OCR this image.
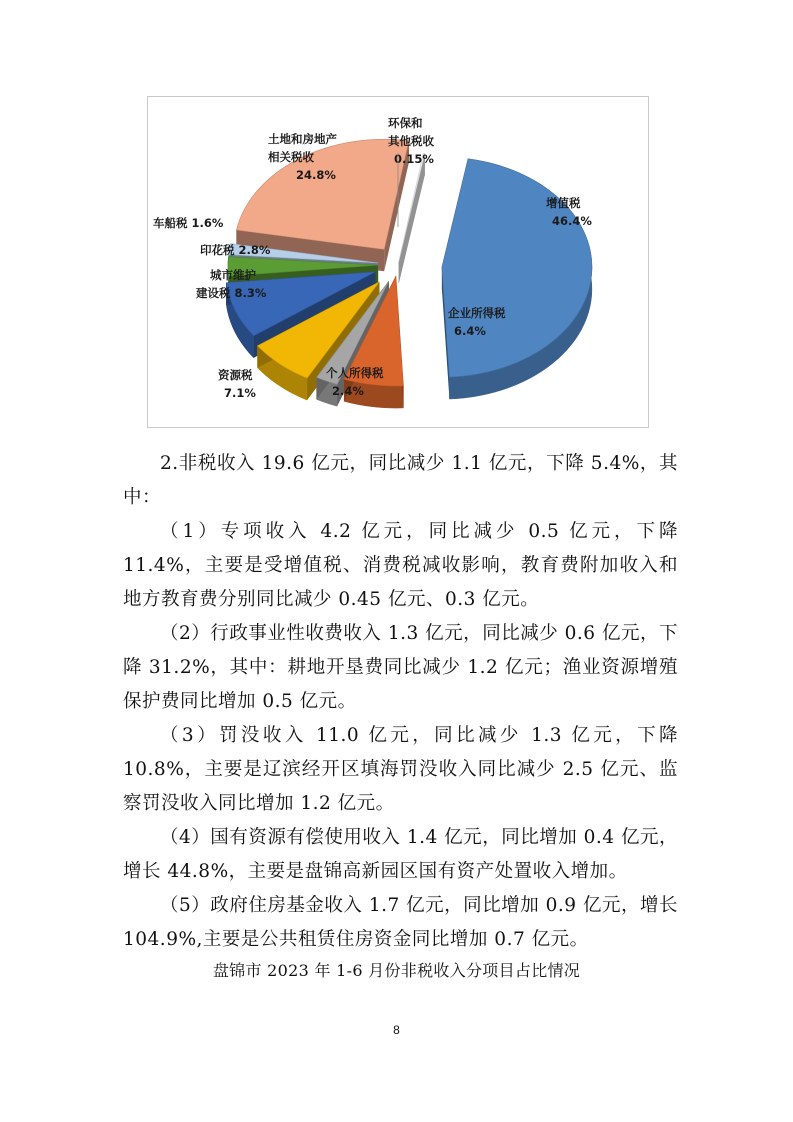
增值税
46.4%
企业所得税
6.4%
个人所得税
2.4%
资源税
7.1%
城市维护
建设税 8.3%
印花税 2.8%
车船税 1.6%
土地和房地产
相关税收
24.8%
环保和
其他税收
0.15%

2.非税收入 19.6 亿元，同比减少 1.1 亿元，下降 5.4%，其中：

（1）专项收入 4.2 亿元，同比减少 0.5 亿元，下降 11.4%，主要是受增值税、消费税减收影响，教育费附加收入和地方教育费分别同比减少 0.45 亿元、0.3 亿元。

（2）行政事业性收费收入 1.3 亿元，同比减少 0.6 亿元，下降 31.2%，其中：耕地开垦费同比减少 1.2 亿元；渔业资源增殖保护费同比增加 0.5 亿元。

（3）罚没收入 11.0 亿元，同比减少 1.3 亿元，下降 10.8%，主要是辽滨经开区填海罚没收入同比减少 2.5 亿元、监察罚没收入同比增加 1.2 亿元。

（4）国有资源有偿使用收入 1.4 亿元，同比增加 0.4 亿元，增长 44.8%，主要是盘锦高新园区国有资产处置收入增加。

（5）政府住房基金收入 1.7 亿元，同比增加 0.9 亿元，增长 104.9%,主要是公共租赁住房资金同比增加 0.7 亿元。

盘锦市 2023 年 1-6 月份非税收入分项目占比情况
8
